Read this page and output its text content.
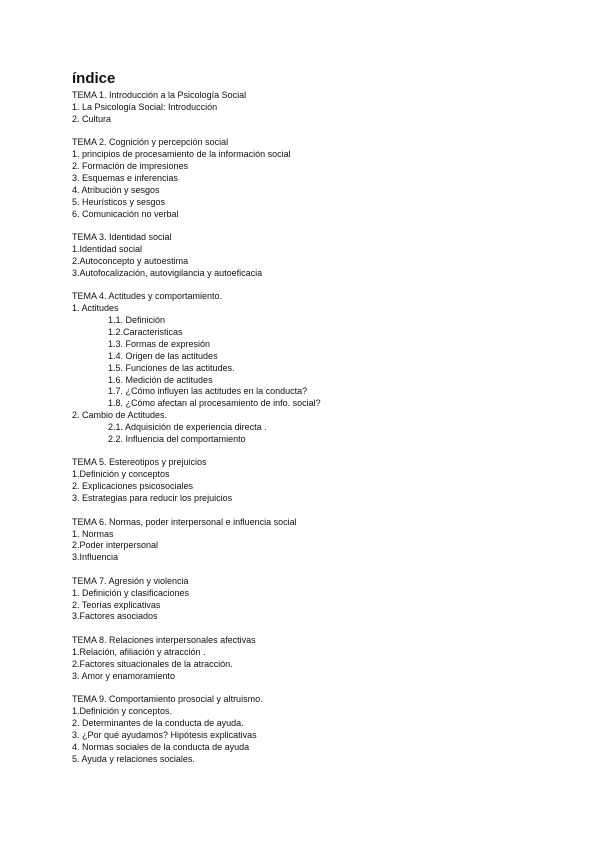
índice
TEMA 1. Introducción a la Psicología Social
1. La Psicología Social: Introducción
2. Cultura
TEMA 2. Cognición y percepción social
1. principios de procesamiento de la información social
2. Formación de impresiones
3. Esquemas e inferencias
4. Atribución y sesgos
5. Heurísticos y sesgos
6. Comunicación no verbal
TEMA 3. Identidad social
1.Identidad social
2.Autoconcepto y autoestima
3.Autofocalización, autovigilancia y autoeficacia
TEMA 4. Actitudes y comportamiento.
1. Actitudes
1.1. Definición
1.2.Caracteristicas
1.3. Formas de expresión
1.4. Origen de las actitudes
1.5. Funciones de las actitudes.
1.6. Medición de actitudes
1.7. ¿Cómo influyen las actitudes en la conducta?
1.8. ¿Cómo afectan al procesamiento de info. social?
2. Cambio de Actitudes.
2.1. Adquisición de experiencia directa .
2.2. Influencia del comportamiento
TEMA 5. Estereotipos y prejuicios
1.Definición y conceptos
2. Explicaciones psicosociales
3. Estrategias para reducir los prejuicios
TEMA 6. Normas, poder interpersonal e influencia social
1. Normas
2.Poder interpersonal
3.Influencia
TEMA 7. Agresión y violencia
1. Definición y clasificaciones
2. Teorías explicativas
3.Factores asociados
TEMA 8. Relaciones interpersonales afectivas
1.Relación, afiliación y atracción .
2.Factores situacionales de la atracción.
3. Amor y enamoramiento
TEMA 9. Comportamiento prosocial y altruismo.
1.Definición y conceptos.
2. Determinantes de la conducta de ayuda.
3. ¿Por qué ayudamos? Hipótesis explicativas
4. Normas sociales de la conducta de ayuda
5. Ayuda y relaciones sociales.
